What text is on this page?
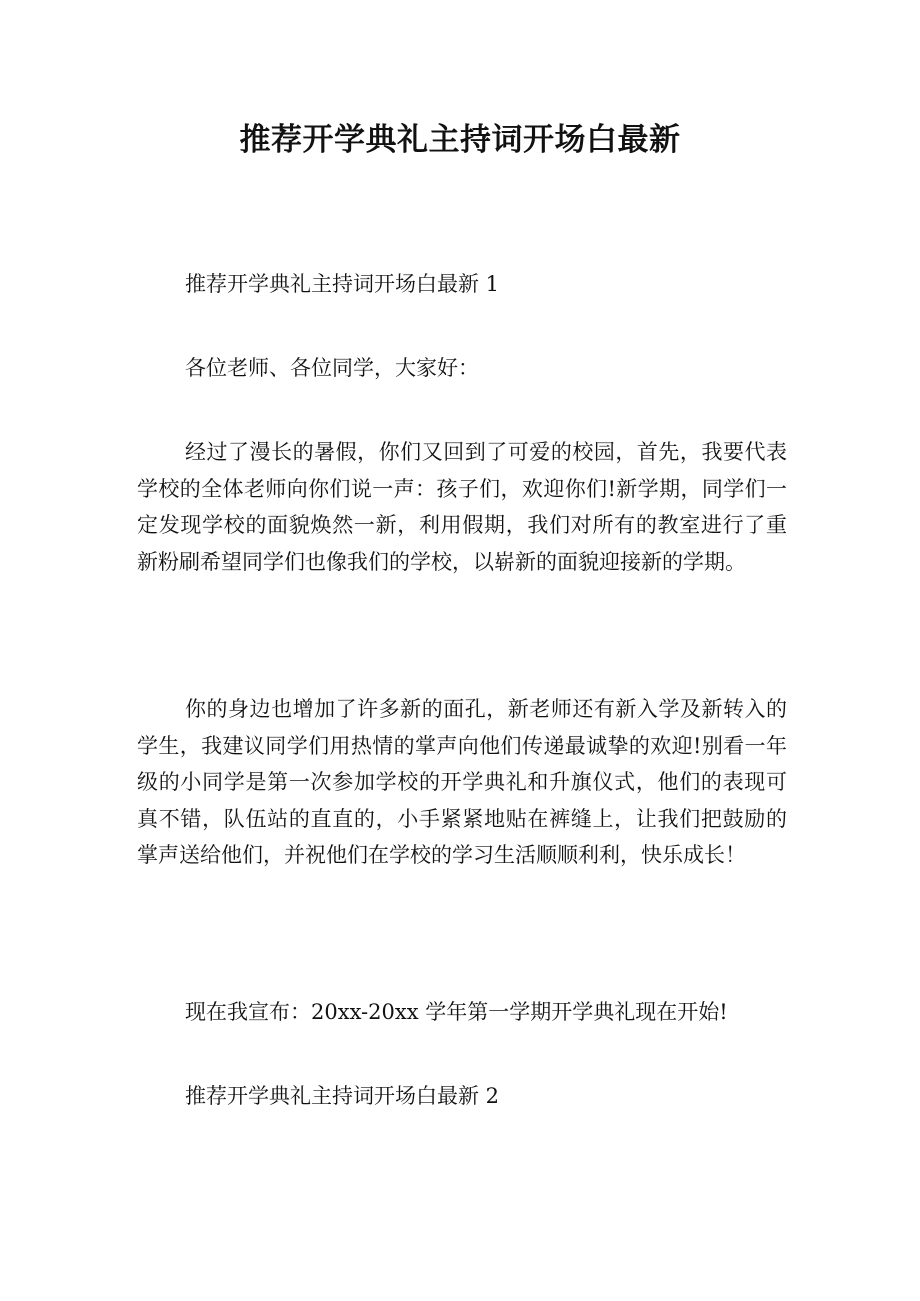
推荐开学典礼主持词开场白最新

推荐开学典礼主持词开场白最新 1

各位老师、各位同学，大家好：

经过了漫长的暑假，你们又回到了可爱的校园，首先，我要代表学校的全体老师向你们说一声：孩子们，欢迎你们!新学期，同学们一定发现学校的面貌焕然一新，利用假期，我们对所有的教室进行了重新粉刷希望同学们也像我们的学校，以崭新的面貌迎接新的学期。

你的身边也增加了许多新的面孔，新老师还有新入学及新转入的学生，我建议同学们用热情的掌声向他们传递最诚挚的欢迎!别看一年级的小同学是第一次参加学校的开学典礼和升旗仪式，他们的表现可真不错，队伍站的直直的，小手紧紧地贴在裤缝上，让我们把鼓励的掌声送给他们，并祝他们在学校的学习生活顺顺利利，快乐成长！

现在我宣布：20xx-20xx 学年第一学期开学典礼现在开始!

推荐开学典礼主持词开场白最新 2
